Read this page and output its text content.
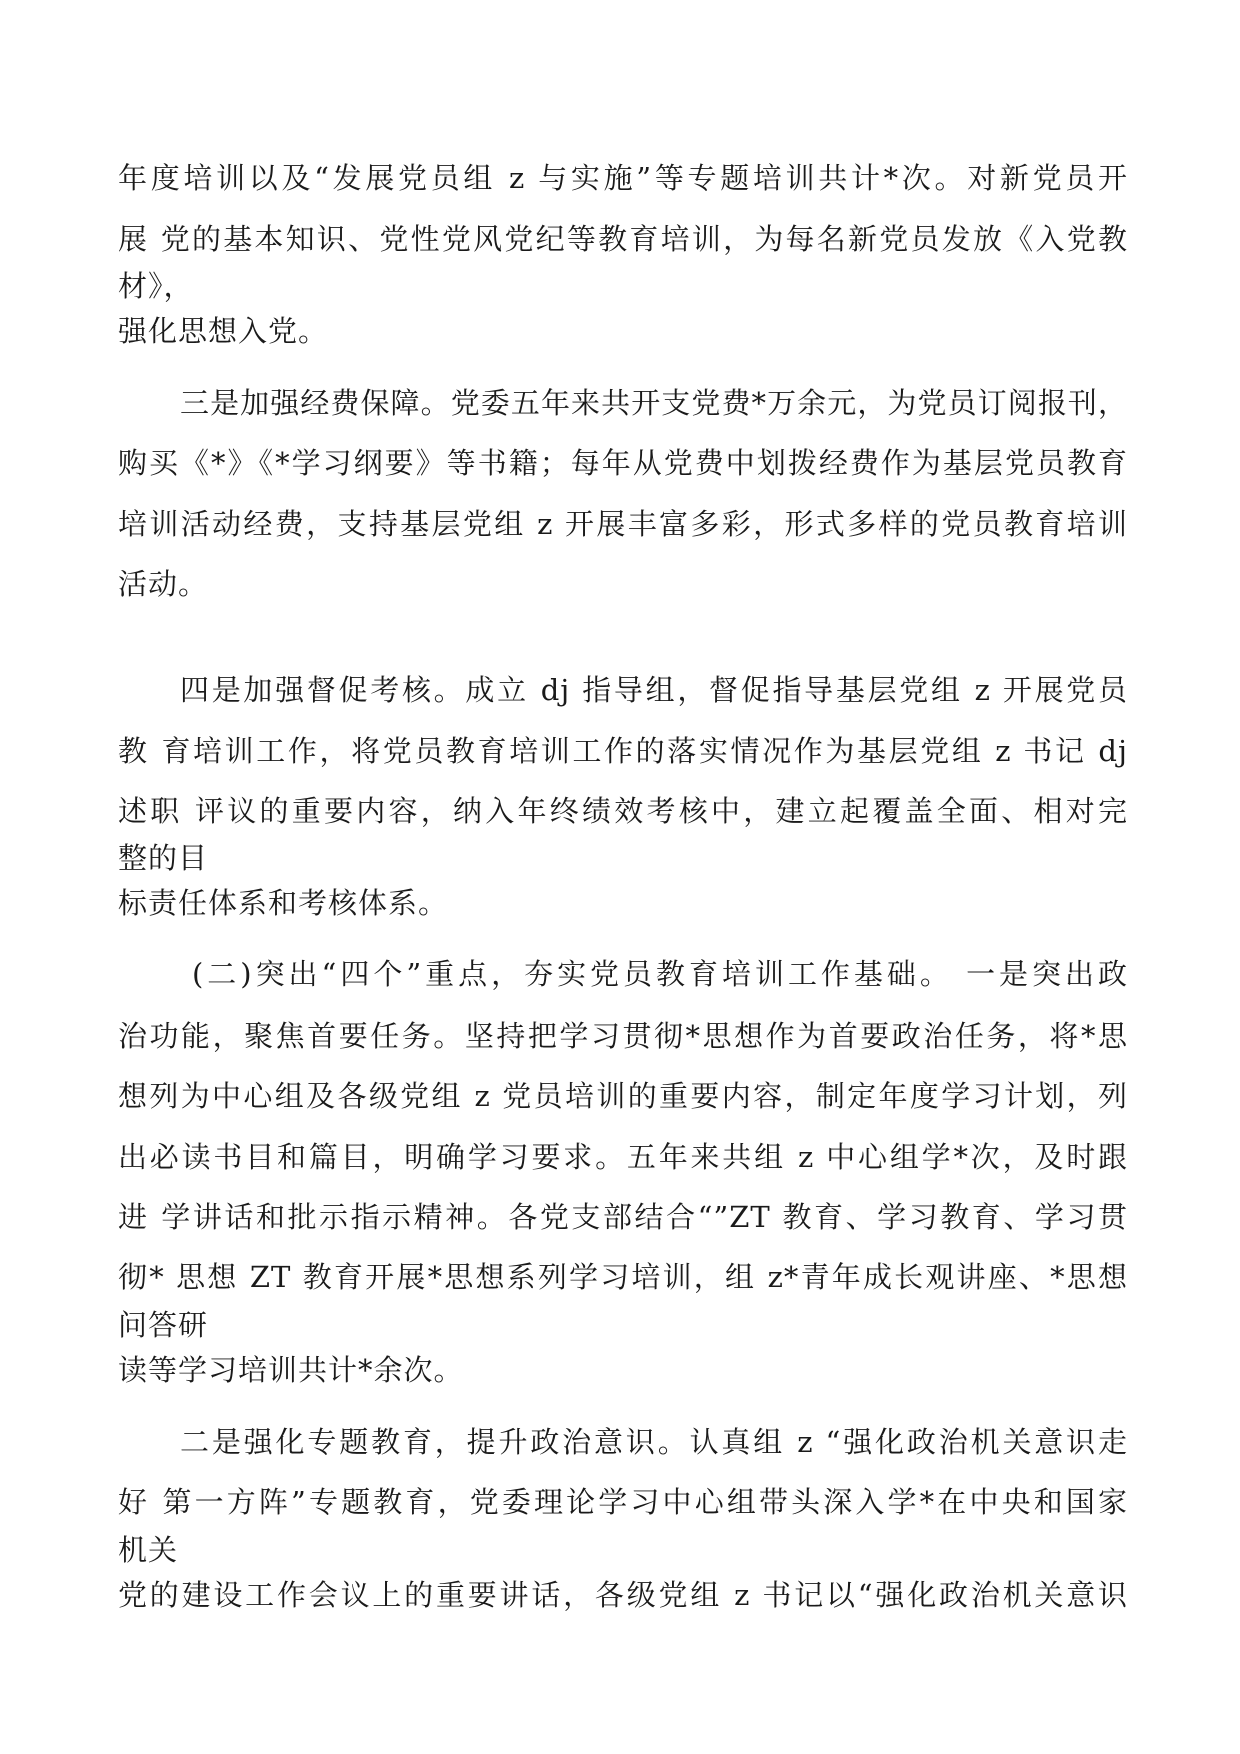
年度培训以及“发展党员组 z 与实施”等专题培训共计*次。对新党员开
展 党的基本知识、党性党风党纪等教育培训，为每名新党员发放《入党教
材》，
强化思想入党。
三是加强经费保障。党委五年来共开支党费*万余元，为党员订阅报刊，
购买《*》《*学习纲要》等书籍；每年从党费中划拨经费作为基层党员教育
培训活动经费，支持基层党组 z 开展丰富多彩，形式多样的党员教育培训
活动。
四是加强督促考核。成立 dj 指导组，督促指导基层党组 z 开展党员
教 育培训工作，将党员教育培训工作的落实情况作为基层党组 z 书记 dj
述职 评议的重要内容，纳入年终绩效考核中，建立起覆盖全面、相对完
整的目
标责任体系和考核体系。
(二)突出“四个”重点，夯实党员教育培训工作基础。 一是突出政
治功能，聚焦首要任务。坚持把学习贯彻*思想作为首要政治任务，将*思
想列为中心组及各级党组 z 党员培训的重要内容，制定年度学习计划，列
出必读书目和篇目，明确学习要求。五年来共组 z 中心组学*次，及时跟
进 学讲话和批示指示精神。各党支部结合“”ZT 教育、学习教育、学习贯
彻* 思想 ZT 教育开展*思想系列学习培训，组 z*青年成长观讲座、*思想
问答研
读等学习培训共计*余次。
二是强化专题教育，提升政治意识。认真组 z “强化政治机关意识走
好 第一方阵”专题教育，党委理论学习中心组带头深入学*在中央和国家
机关
党的建设工作会议上的重要讲话，各级党组 z 书记以“强化政治机关意识
